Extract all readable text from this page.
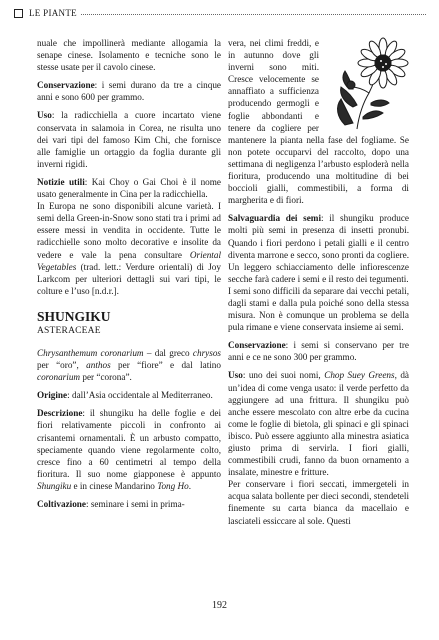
LE PIANTE

nuale che impollinerà mediante allogamia la senape cinese. Isolamento e tecniche sono le stesse usate per il cavolo cinese.

Conservazione: i semi durano da tre a cinque anni e sono 600 per grammo.

Uso: la radicchiella a cuore incartato viene conservata in salamoia in Corea, ne risulta uno dei vari tipi del famoso Kim Chi, che fornisce alle famiglie un ortaggio da foglia durante gli inverni rigidi.

Notizie utili: Kai Choy o Gai Choi è il nome usato generalmente in Cina per la radicchiella.

In Europa ne sono disponibili alcune varietà. I semi della Green-in-Snow sono stati tra i primi ad essere messi in vendita in occidente. Tutte le radicchielle sono molto decorative e insolite da vedere e vale la pena consultare Oriental Vegetables (trad. lett.: Verdure orientali) di Joy Larkcom per ulteriori dettagli sui vari tipi, le colture e l’uso [n.d.r.].

SHUNGIKU
ASTERACEAE

Chrysanthemum coronarium – dal greco chrysos per “oro”, anthos per “fiore” e dal latino coronarium per “corona”.

Origine: dall’Asia occidentale al Mediterraneo.

Descrizione: il shungiku ha delle foglie e dei fiori relativamente piccoli in confronto ai crisantemi ornamentali. È un arbusto compatto, speciamente quando viene regolarmente colto, cresce fino a 60 centimetri al tempo della fioritura. Il suo nome giapponese è appunto Shungiku e in cinese Mandarino Tong Ho.

Coltivazione: seminare i semi in prima-

vera, nei climi freddi, e in autunno dove gli inverni sono miti. Cresce velocemente se annaffiato a sufficienza producendo germogli e foglie abbondanti e tenere da cogliere per mantenere la pianta nella fase del fogliame. Se non potete occuparvi del raccolto, dopo una settimana di negligenza l’arbusto esploderà nella fioritura, producendo una moltitudine di bei boccioli gialli, commestibili, a forma di margherita e di fiori.

Salvaguardia dei semi: il shungiku produce molti più semi in presenza di insetti pronubi. Quando i fiori perdono i petali gialli e il centro diventa marrone e secco, sono pronti da cogliere. Un leggero schiacciamento delle infiorescenze secche farà cadere i semi e il resto dei tegumenti.

I semi sono difficili da separare dai vecchi petali, dagli stami e dalla pula poiché sono della stessa misura. Non è comunque un problema se della pula rimane e viene conservata insieme ai semi.

Conservazione: i semi si conservano per tre anni e ce ne sono 300 per grammo.

Uso: uno dei suoi nomi, Chop Suey Greens, dà un’idea di come venga usato: il verde perfetto da aggiungere ad una frittura. Il shungiku può anche essere mescolato con altre erbe da cucina come le foglie di bietola, gli spinaci e gli spinaci ibisco. Può essere aggiunto alla minestra asiatica giusto prima di servirla. I fiori gialli, commestibili crudi, fanno da buon ornamento a insalate, minestre e fritture.

Per conservare i fiori seccati, immergeteli in acqua salata bollente per dieci secondi, stendeteli finemente su carta bianca da macellaio e lasciateli essiccare al sole. Questi

192
